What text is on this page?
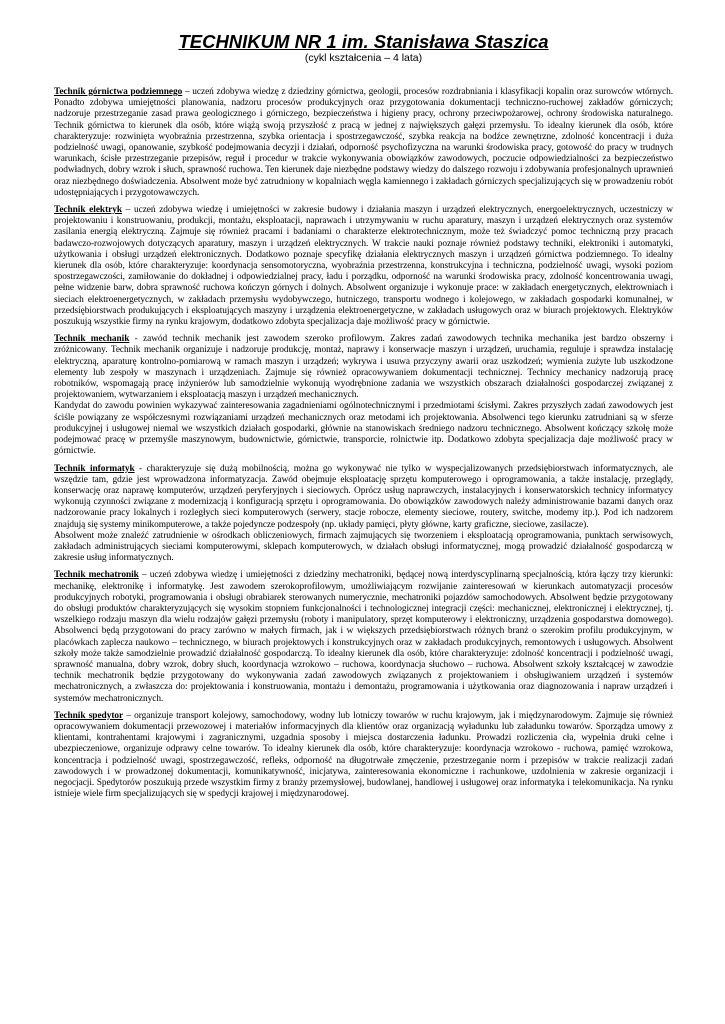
TECHNIKUM NR 1 im. Stanisława Staszica
(cykl kształcenia – 4 lata)

Technik górnictwa podziemnego – uczeń zdobywa wiedzę z dziedziny górnictwa, geologii, procesów rozdrabniania i klasyfikacji kopalin oraz surowców wtórnych. Ponadto zdobywa umiejętności planowania, nadzoru procesów produkcyjnych oraz przygotowania dokumentacji techniczno-ruchowej zakładów górniczych; nadzoruje przestrzeganie zasad prawa geologicznego i górniczego, bezpieczeństwa i higieny pracy, ochrony przeciwpożarowej, ochrony środowiska naturalnego. Technik górnictwa to kierunek dla osób, które wiążą swoją przyszłość z pracą w jednej z największych gałęzi przemysłu. To idealny kierunek dla osób, które charakteryzuje: rozwinięta wyobraźnia przestrzenna, szybka orientacja i spostrzegawczość, szybka reakcja na bodźce zewnętrzne, zdolność koncentracji i duża podzielność uwagi, opanowanie, szybkość podejmowania decyzji i działań, odporność psychofizyczna na warunki środowiska pracy, gotowość do pracy w trudnych warunkach, ścisłe przestrzeganie przepisów, reguł i procedur w trakcie wykonywania obowiązków zawodowych, poczucie odpowiedzialności za bezpieczeństwo podwładnych, dobry wzrok i słuch, sprawność ruchowa. Ten kierunek daje niezbędne podstawy wiedzy do dalszego rozwoju i zdobywania profesjonalnych uprawnień oraz niezbędnego doświadczenia. Absolwent może być zatrudniony w kopalniach węgla kamiennego i zakładach górniczych specjalizujących się w prowadzeniu robót udostępniających i przygotowawczych.

Technik elektryk – uczeń zdobywa wiedzę i umiejętności w zakresie budowy i działania maszyn i urządzeń elektrycznych, energoelektrycznych, uczestniczy w projektowaniu i konstruowaniu, produkcji, montażu, eksploatacji, naprawach i utrzymywaniu w ruchu aparatury, maszyn i urządzeń elektrycznych oraz systemów zasilania energią elektryczną. Zajmuje się również pracami i badaniami o charakterze elektrotechnicznym, może też świadczyć pomoc techniczną przy pracach badawczo-rozwojowych dotyczących aparatury, maszyn i urządzeń elektrycznych. W trakcie nauki poznaje również podstawy techniki, elektroniki i automatyki, użytkowania i obsługi urządzeń elektronicznych. Dodatkowo poznaje specyfikę działania elektrycznych maszyn i urządzeń górnictwa podziemnego. To idealny kierunek dla osób, które charakteryzuje: koordynacja sensomotoryczna, wyobraźnia przestrzenna, konstrukcyjna i techniczna, podzielność uwagi, wysoki poziom spostrzegawczości, zamiłowanie do dokładnej i odpowiedzialnej pracy, ładu i porządku, odporność na warunki środowiska pracy, zdolność koncentrowania uwagi, pełne widzenie barw, dobra sprawność ruchowa kończyn górnych i dolnych. Absolwent organizuje i wykonuje prace: w zakładach energetycznych, elektrowniach i sieciach elektroenergetycznych, w zakładach przemysłu wydobywczego, hutniczego, transportu wodnego i kolejowego, w zakładach gospodarki komunalnej, w przedsiębiorstwach produkujących i eksploatujących maszyny i urządzenia elektroenergetyczne, w zakładach usługowych oraz w biurach projektowych. Elektryków poszukują wszystkie firmy na rynku krajowym, dodatkowo zdobyta specjalizacja daje możliwość pracy w górnictwie.

Technik mechanik - zawód technik mechanik jest zawodem szeroko profilowym. Zakres zadań zawodowych technika mechanika jest bardzo obszerny i zróżnicowany. Technik mechanik organizuje i nadzoruje produkcję, montaż, naprawy i konserwacje maszyn i urządzeń, uruchamia, reguluje i sprawdza instalację elektryczną, aparaturę kontrolno-pomiarową w ramach maszyn i urządzeń; wykrywa i usuwa przyczyny awarii oraz uszkodzeń; wymienia zużyte lub uszkodzone elementy lub zespoły w maszynach i urządzeniach. Zajmuje się również opracowywaniem dokumentacji technicznej. Technicy mechanicy nadzorują pracę robotników, wspomagają pracę inżynierów lub samodzielnie wykonują wyodrębnione zadania we wszystkich obszarach działalności gospodarczej związanej z projektowaniem, wytwarzaniem i eksploatacją maszyn i urządzeń mechanicznych.

Kandydat do zawodu powinien wykazywać zainteresowania zagadnieniami ogólnotechnicznymi i przedmiotami ścisłymi. Zakres przyszłych zadań zawodowych jest ściśle powiązany ze współczesnymi rozwiązaniami urządzeń mechanicznych oraz metodami ich projektowania. Absolwenci tego kierunku zatrudniani są w sferze produkcyjnej i usługowej niemal we wszystkich działach gospodarki, głównie na stanowiskach średniego nadzoru technicznego. Absolwent kończący szkołę może podejmować pracę w przemyśle maszynowym, budownictwie, górnictwie, transporcie, rolnictwie itp. Dodatkowo zdobyta specjalizacja daje możliwość pracy w górnictwie.

Technik informatyk - charakteryzuje się dużą mobilnością, można go wykonywać nie tylko w wyspecjalizowanych przedsiębiorstwach informatycznych, ale wszędzie tam, gdzie jest wprowadzona informatyzacja. Zawód obejmuje eksploatację sprzętu komputerowego i oprogramowania, a także instalację, przeglądy, konserwację oraz naprawę komputerów, urządzeń peryferyjnych i sieciowych. Oprócz usług naprawczych, instalacyjnych i konserwatorskich technicy informatycy wykonują czynności związane z modernizacją i konfiguracją sprzętu i oprogramowania. Do obowiązków zawodowych należy administrowanie bazami danych oraz nadzorowanie pracy lokalnych i rozległych sieci komputerowych (serwery, stacje robocze, elementy sieciowe, routery, switche, modemy itp.). Pod ich nadzorem znajdują się systemy minikomputerowe, a także pojedyncze podzespoły (np. układy pamięci, płyty główne, karty graficzne, sieciowe, zasilacze).

Absolwent może znaleźć zatrudnienie w ośrodkach obliczeniowych, firmach zajmujących się tworzeniem i eksploatacją oprogramowania, punktach serwisowych, zakładach administrujących sieciami komputerowymi, sklepach komputerowych, w działach obsługi informatycznej, mogą prowadzić działalność gospodarczą w zakresie usług informatycznych.

Technik mechatronik – uczeń zdobywa wiedzę i umiejętności z dziedziny mechatroniki, będącej nową interdyscyplinarną specjalnością, która łączy trzy kierunki: mechanikę, elektronikę i informatykę. Jest zawodem szerokoprofilowym, umożliwiającym rozwijanie zainteresowań w kierunkach automatyzacji procesów produkcyjnych robotyki, programowania i obsługi obrabiarek sterowanych numerycznie, mechatroniki pojazdów samochodowych. Absolwent będzie przygotowany do obsługi produktów charakteryzujących się wysokim stopniem funkcjonalności i technologicznej integracji części: mechanicznej, elektronicznej i elektrycznej, tj. wszelkiego rodzaju maszyn dla wielu rodzajów gałęzi przemysłu (roboty i manipulatory, sprzęt komputerowy i elektroniczny, urządzenia gospodarstwa domowego). Absolwenci będą przygotowani do pracy zarówno w małych firmach, jak i w większych przedsiębiorstwach różnych branż o szerokim profilu produkcyjnym, w placówkach zaplecza naukowo – technicznego, w biurach projektowych i konstrukcyjnych oraz w zakładach produkcyjnych, remontowych i usługowych. Absolwent szkoły może także samodzielnie prowadzić działalność gospodarczą. To idealny kierunek dla osób, które charakteryzuje: zdolność koncentracji i podzielność uwagi, sprawność manualna, dobry wzrok, dobry słuch, koordynacja wzrokowo – ruchowa, koordynacja słuchowo – ruchowa. Absolwent szkoły kształcącej w zawodzie technik mechatronik będzie przygotowany do wykonywania zadań zawodowych związanych z projektowaniem i obsługiwaniem urządzeń i systemów mechatronicznych, a zwłaszcza do: projektowania i konstruowania, montażu i demontażu, programowania i użytkowania oraz diagnozowania i napraw urządzeń i systemów mechatronicznych.

Technik spedytor – organizuje transport kolejowy, samochodowy, wodny lub lotniczy towarów w ruchu krajowym, jak i międzynarodowym. Zajmuje się również opracowywaniem dokumentacji przewozowej i materiałów informacyjnych dla klientów oraz organizacją wyładunku lub załadunku towarów. Sporządza umowy z klientami, kontrahentami krajowymi i zagranicznymi, uzgadnia sposoby i miejsca dostarczenia ładunku. Prowadzi rozliczenia cła, wypełnia druki celne i ubezpieczeniowe, organizuje odprawy celne towarów. To idealny kierunek dla osób, które charakteryzuje: koordynacja wzrokowo - ruchowa, pamięć wzrokowa, koncentracja i podzielność uwagi, spostrzegawczość, refleks, odporność na długotrwałe zmęczenie, przestrzeganie norm i przepisów w trakcie realizacji zadań zawodowych i w prowadzonej dokumentacji, komunikatywność, inicjatywa, zainteresowania ekonomiczne i rachunkowe, uzdolnienia w zakresie organizacji i negocjacji. Spedytorów poszukują przede wszystkim firmy z branży przemysłowej, budowlanej, handlowej i usługowej oraz informatyka i telekomunikacja. Na rynku istnieje wiele firm specjalizujących się w spedycji krajowej i międzynarodowej.
